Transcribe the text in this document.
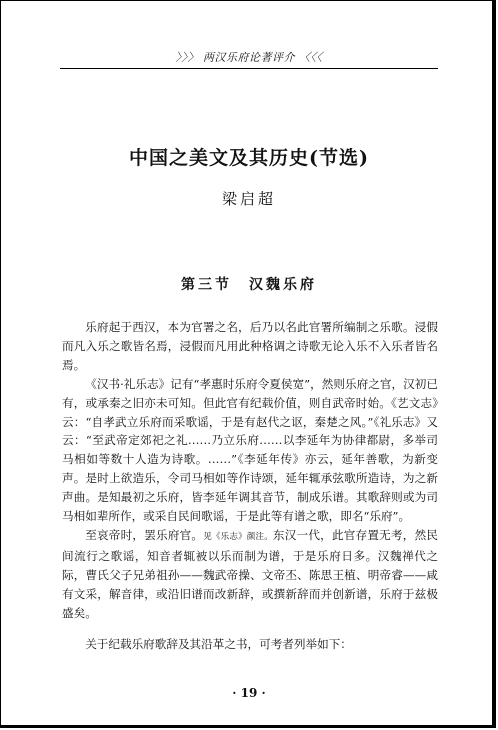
〉〉〉 两汉乐府论著评介 〈〈〈
中国之美文及其历史(节选)
梁启超
第三节　汉魏乐府

乐府起于西汉，本为官署之名，后乃以名此官署所编制之乐歌。浸假而凡入乐之歌皆名焉，浸假而凡用此种格调之诗歌无论入乐不入乐者皆名焉。

《汉书·礼乐志》记有“孝惠时乐府令夏侯宽”，然则乐府之官，汉初已有，或承秦之旧亦未可知。但此官有纪载价值，则自武帝时始。《艺文志》云：“自孝武立乐府而采歌谣，于是有赵代之讴，秦楚之风。”《礼乐志》又云：“至武帝定郊祀之礼……乃立乐府……以李延年为协律都尉，多举司马相如等数十人造为诗歌。……”《李延年传》亦云，延年善歌，为新变声。是时上欲造乐，令司马相如等作诗颂，延年辄承弦歌所造诗，为之新声曲。是知最初之乐府，皆李延年调其音节，制成乐谱。其歌辞则或为司马相如辈所作，或采自民间歌谣，于是此等有谱之歌，即名“乐府”。

至哀帝时，罢乐府官。见《乐志》颜注。东汉一代，此官存置无考，然民间流行之歌谣，知音者辄被以乐而制为谱，于是乐府日多。汉魏禅代之际，曹氏父子兄弟祖孙——魏武帝操、文帝丕、陈思王植、明帝睿——咸有文采，解音律，或沿旧谱而改新辞，或撰新辞而并创新谱，乐府于兹极盛矣。

关于纪载乐府歌辞及其沿革之书，可考者列举如下：

· 19 ·
